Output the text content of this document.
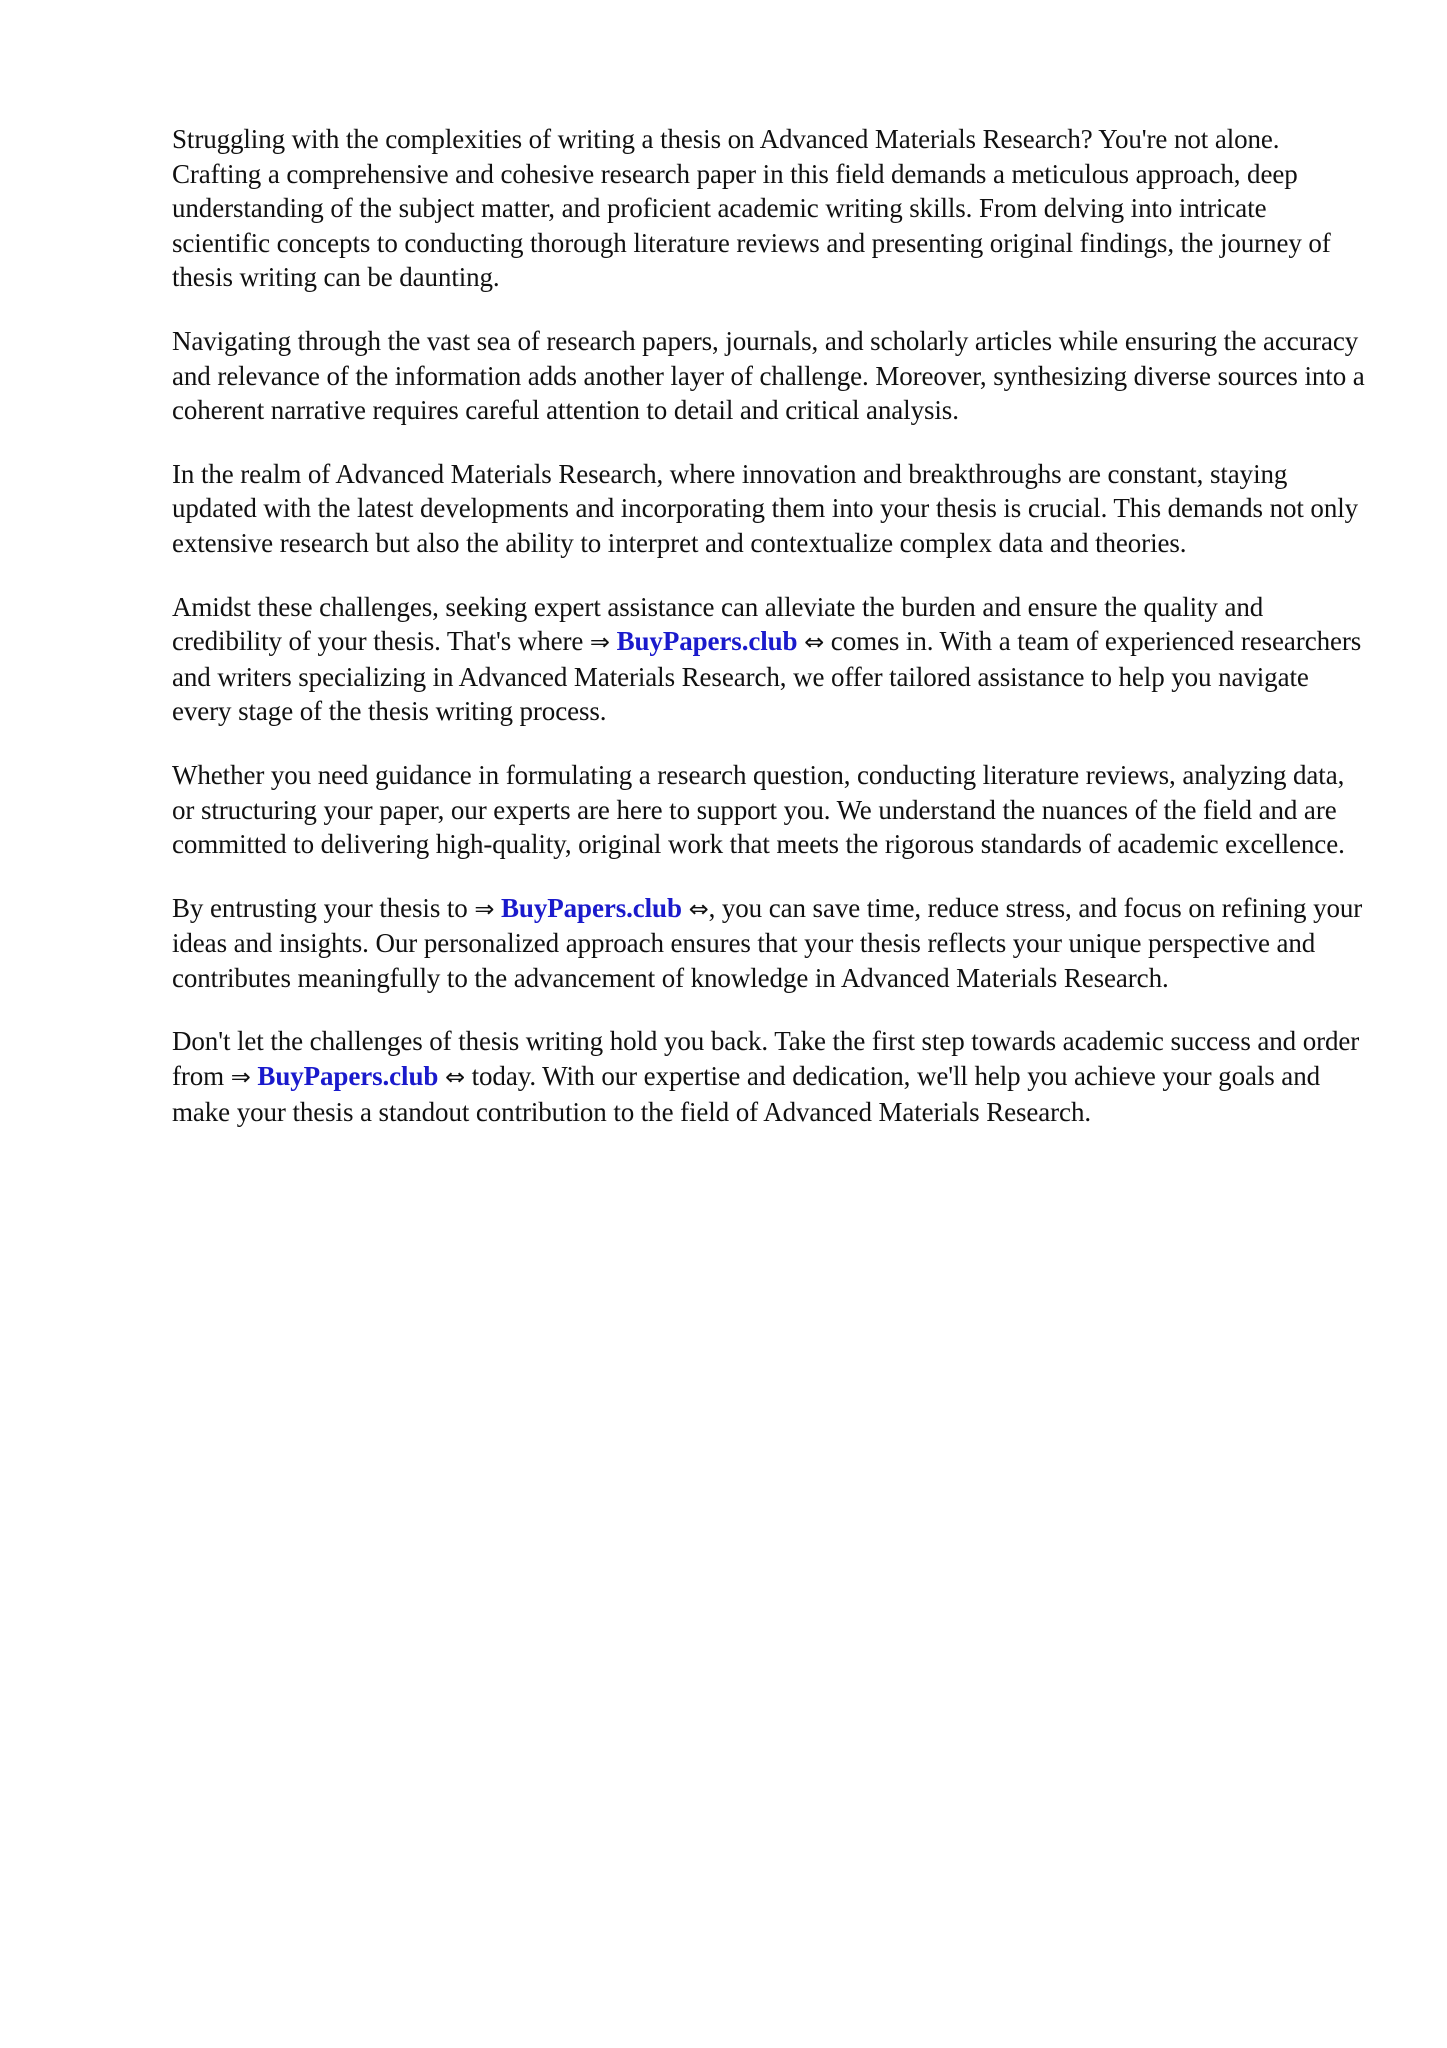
Struggling with the complexities of writing a thesis on Advanced Materials Research? You're not alone. Crafting a comprehensive and cohesive research paper in this field demands a meticulous approach, deep understanding of the subject matter, and proficient academic writing skills. From delving into intricate scientific concepts to conducting thorough literature reviews and presenting original findings, the journey of thesis writing can be daunting.

Navigating through the vast sea of research papers, journals, and scholarly articles while ensuring the accuracy and relevance of the information adds another layer of challenge. Moreover, synthesizing diverse sources into a coherent narrative requires careful attention to detail and critical analysis.

In the realm of Advanced Materials Research, where innovation and breakthroughs are constant, staying updated with the latest developments and incorporating them into your thesis is crucial. This demands not only extensive research but also the ability to interpret and contextualize complex data and theories.

Amidst these challenges, seeking expert assistance can alleviate the burden and ensure the quality and credibility of your thesis. That's where ⇒ BuyPapers.club ⇔ comes in. With a team of experienced researchers and writers specializing in Advanced Materials Research, we offer tailored assistance to help you navigate every stage of the thesis writing process.

Whether you need guidance in formulating a research question, conducting literature reviews, analyzing data, or structuring your paper, our experts are here to support you. We understand the nuances of the field and are committed to delivering high-quality, original work that meets the rigorous standards of academic excellence.

By entrusting your thesis to ⇒ BuyPapers.club ⇔, you can save time, reduce stress, and focus on refining your ideas and insights. Our personalized approach ensures that your thesis reflects your unique perspective and contributes meaningfully to the advancement of knowledge in Advanced Materials Research.

Don't let the challenges of thesis writing hold you back. Take the first step towards academic success and order from ⇒ BuyPapers.club ⇔ today. With our expertise and dedication, we'll help you achieve your goals and make your thesis a standout contribution to the field of Advanced Materials Research.
